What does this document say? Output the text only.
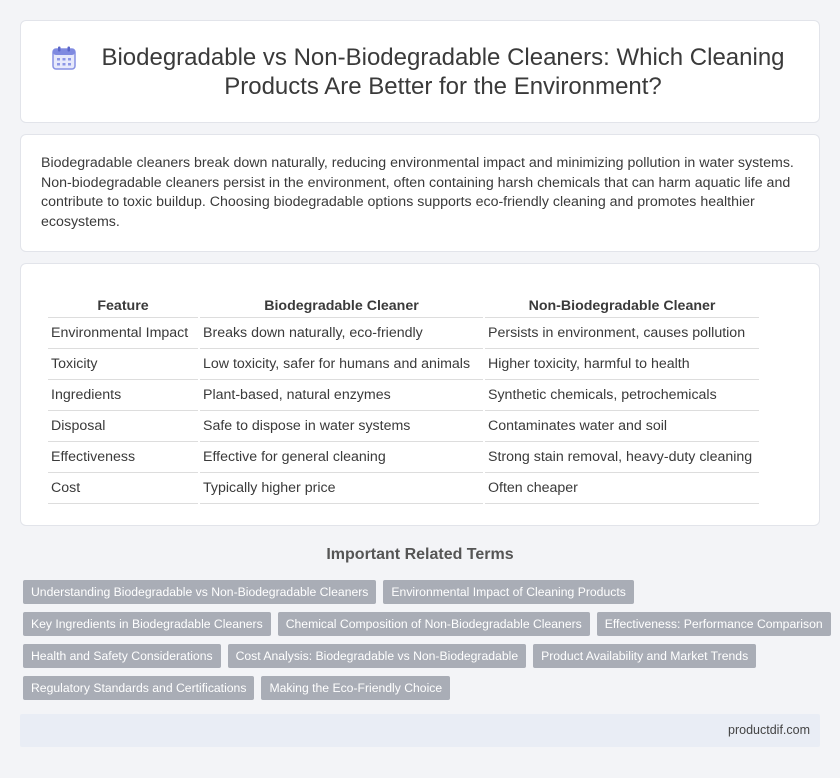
Biodegradable vs Non-Biodegradable Cleaners: Which Cleaning Products Are Better for the Environment?

Biodegradable cleaners break down naturally, reducing environmental impact and minimizing pollution in water systems. Non-biodegradable cleaners persist in the environment, often containing harsh chemicals that can harm aquatic life and contribute to toxic buildup. Choosing biodegradable options supports eco-friendly cleaning and promotes healthier ecosystems.

Feature	Biodegradable Cleaner	Non-Biodegradable Cleaner
Environmental Impact	Breaks down naturally, eco-friendly	Persists in environment, causes pollution
Toxicity	Low toxicity, safer for humans and animals	Higher toxicity, harmful to health
Ingredients	Plant-based, natural enzymes	Synthetic chemicals, petrochemicals
Disposal	Safe to dispose in water systems	Contaminates water and soil
Effectiveness	Effective for general cleaning	Strong stain removal, heavy-duty cleaning
Cost	Typically higher price	Often cheaper
Important Related Terms
Understanding Biodegradable vs Non-Biodegradable Cleaners	Environmental Impact of Cleaning Products
Key Ingredients in Biodegradable Cleaners	Chemical Composition of Non-Biodegradable Cleaners	Effectiveness: Performance Comparison
Health and Safety Considerations	Cost Analysis: Biodegradable vs Non-Biodegradable	Product Availability and Market Trends
Regulatory Standards and Certifications	Making the Eco-Friendly Choice
productdif.com
